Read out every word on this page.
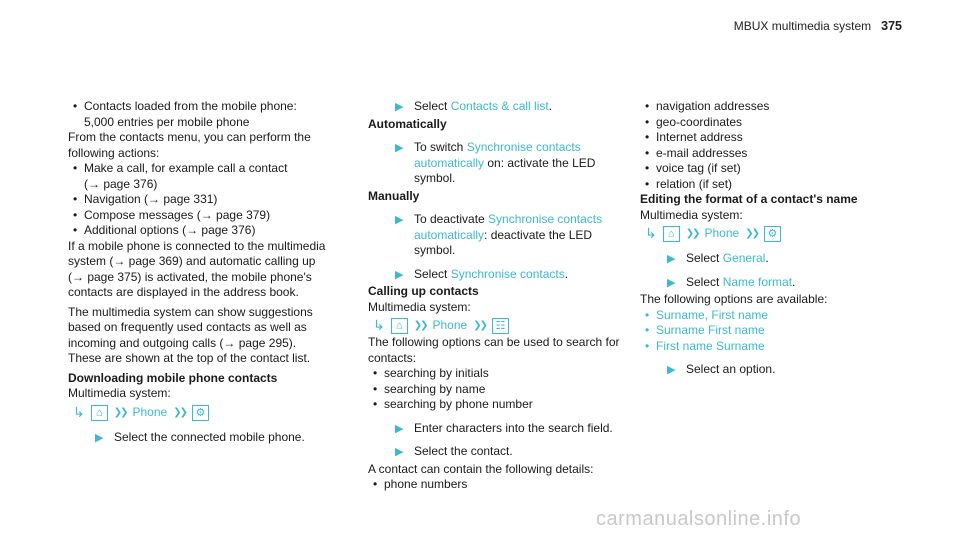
MBUX multimedia system 375
• Contacts loaded from the mobile phone:
5,000 entries per mobile phone

From the contacts menu, you can perform the following actions:

• Make a call, for example call a contact
(→ page 376)
• Navigation (→ page 331)
• Compose messages (→ page 379)
• Additional options (→ page 376)

If a mobile phone is connected to the multimedia system (→ page 369) and automatic calling up (→ page 375) is activated, the mobile phone's contacts are displayed in the address book.

The multimedia system can show suggestions based on frequently used contacts as well as incoming and outgoing calls (→ page 295). These are shown at the top of the contact list.

Downloading mobile phone contacts

Multimedia system:

↳	⌂	❯❯ Phone ❯❯ ⚙
▶ Select the connected mobile phone.
▶ Select Contacts & call list.

Automatically

▶ To switch Synchronise contacts automatically on: activate the LED symbol.

Manually

▶ To deactivate Synchronise contacts automatically: deactivate the LED symbol.
▶ Select Synchronise contacts.

Calling up contacts

Multimedia system:

↳	⌂	❯❯ Phone ❯❯ ☷

The following options can be used to search for contacts:

• searching by initials
• searching by name
• searching by phone number
▶ Enter characters into the search field.
▶ Select the contact.

A contact can contain the following details:

• phone numbers
• navigation addresses
• geo-coordinates
• Internet address
• e-mail addresses
• voice tag (if set)
• relation (if set)

Editing the format of a contact's name

Multimedia system:

↳	⌂	❯❯ Phone ❯❯ ⚙
▶ Select General.
▶ Select Name format.

The following options are available:

• Surname, First name
• Surname First name
• First name Surname
▶ Select an option.
carmanualsonline.info
